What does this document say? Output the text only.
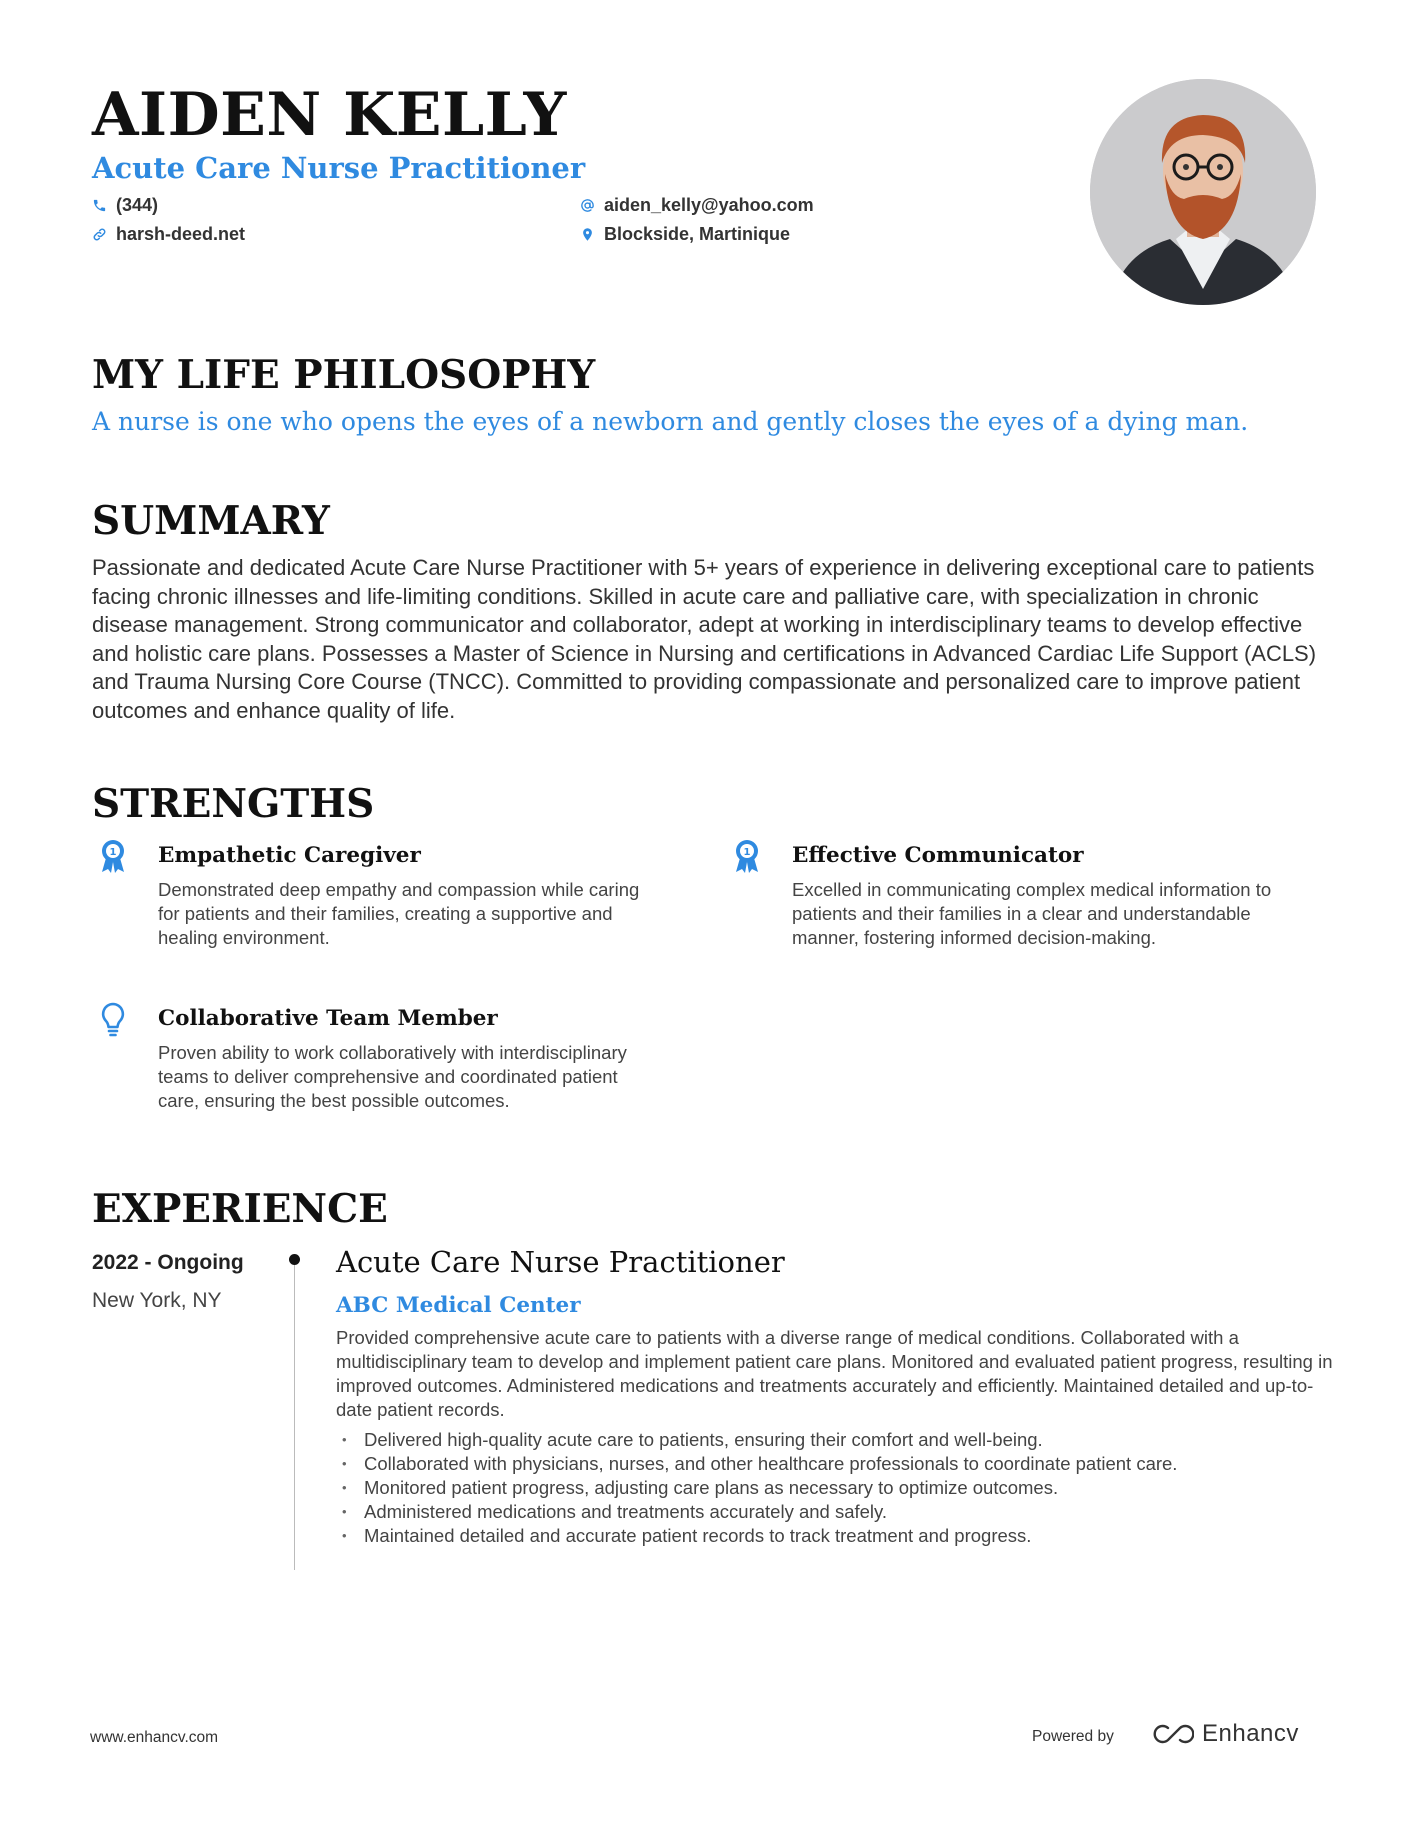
AIDEN KELLY
Acute Care Nurse Practitioner
(344)
harsh-deed.net
aiden_kelly@yahoo.com
Blockside, Martinique
MY LIFE PHILOSOPHY
A nurse is one who opens the eyes of a newborn and gently closes the eyes of a dying man.
SUMMARY
Passionate and dedicated Acute Care Nurse Practitioner with 5+ years of experience in delivering exceptional care to patients facing chronic illnesses and life-limiting conditions. Skilled in acute care and palliative care, with specialization in chronic disease management. Strong communicator and collaborator, adept at working in interdisciplinary teams to develop effective and holistic care plans. Possesses a Master of Science in Nursing and certifications in Advanced Cardiac Life Support (ACLS) and Trauma Nursing Core Course (TNCC). Committed to providing compassionate and personalized care to improve patient outcomes and enhance quality of life.
STRENGTHS
1 Empathetic Caregiver
Demonstrated deep empathy and compassion while caring for patients and their families, creating a supportive and healing environment.
1 Effective Communicator
Excelled in communicating complex medical information to patients and their families in a clear and understandable manner, fostering informed decision-making.
Collaborative Team Member
Proven ability to work collaboratively with interdisciplinary teams to deliver comprehensive and coordinated patient care, ensuring the best possible outcomes.
EXPERIENCE
2022 - Ongoing
New York, NY
Acute Care Nurse Practitioner
ABC Medical Center
Provided comprehensive acute care to patients with a diverse range of medical conditions. Collaborated with a multidisciplinary team to develop and implement patient care plans. Monitored and evaluated patient progress, resulting in improved outcomes. Administered medications and treatments accurately and efficiently. Maintained detailed and up-to-date patient records.
• Delivered high-quality acute care to patients, ensuring their comfort and well-being.
• Collaborated with physicians, nurses, and other healthcare professionals to coordinate patient care.
• Monitored patient progress, adjusting care plans as necessary to optimize outcomes.
• Administered medications and treatments accurately and safely.
• Maintained detailed and accurate patient records to track treatment and progress.
www.enhancv.com	Powered by	Enhancv
